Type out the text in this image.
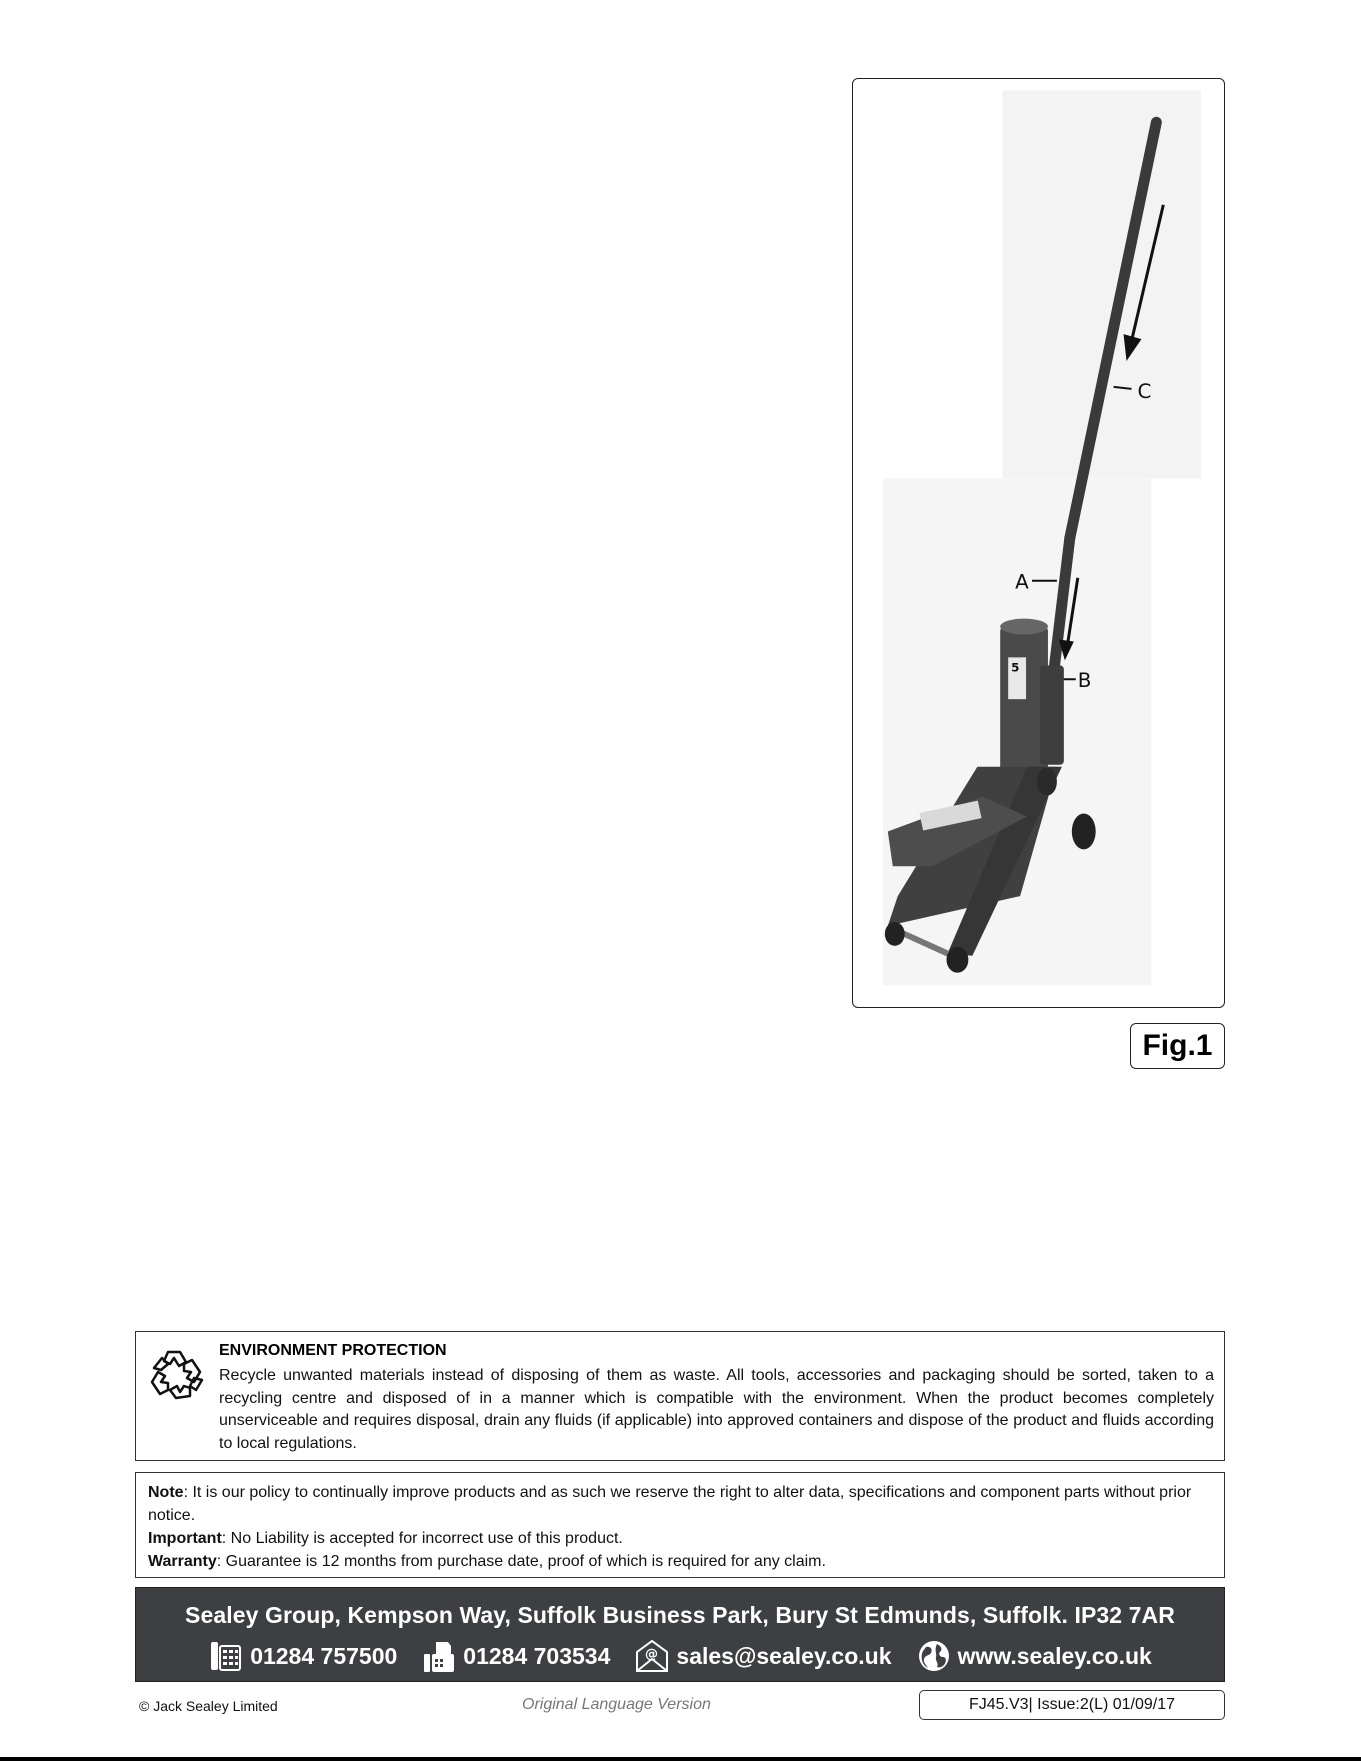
C
A
B
5
Fig.1
ENVIRONMENT PROTECTION
Recycle unwanted materials instead of disposing of them as waste. All tools, accessories and packaging should be sorted, taken to a recycling centre and disposed of in a manner which is compatible with the environment. When the product becomes completely unserviceable and requires disposal, drain any fluids (if applicable) into approved containers and dispose of the product and fluids according to local regulations.
Note: It is our policy to continually improve products and as such we reserve the right to alter data, specifications and component parts without prior notice.
Important: No Liability is accepted for incorrect use of this product.
Warranty: Guarantee is 12 months from purchase date, proof of which is required for any claim.
Sealey Group, Kempson Way, Suffolk Business Park, Bury St Edmunds, Suffolk. IP32 7AR
01284 757500	01284 703534	@ sales@sealey.co.uk	www.sealey.co.uk
© Jack Sealey Limited	Original Language Version	FJ45.V3| Issue:2(L) 01/09/17
